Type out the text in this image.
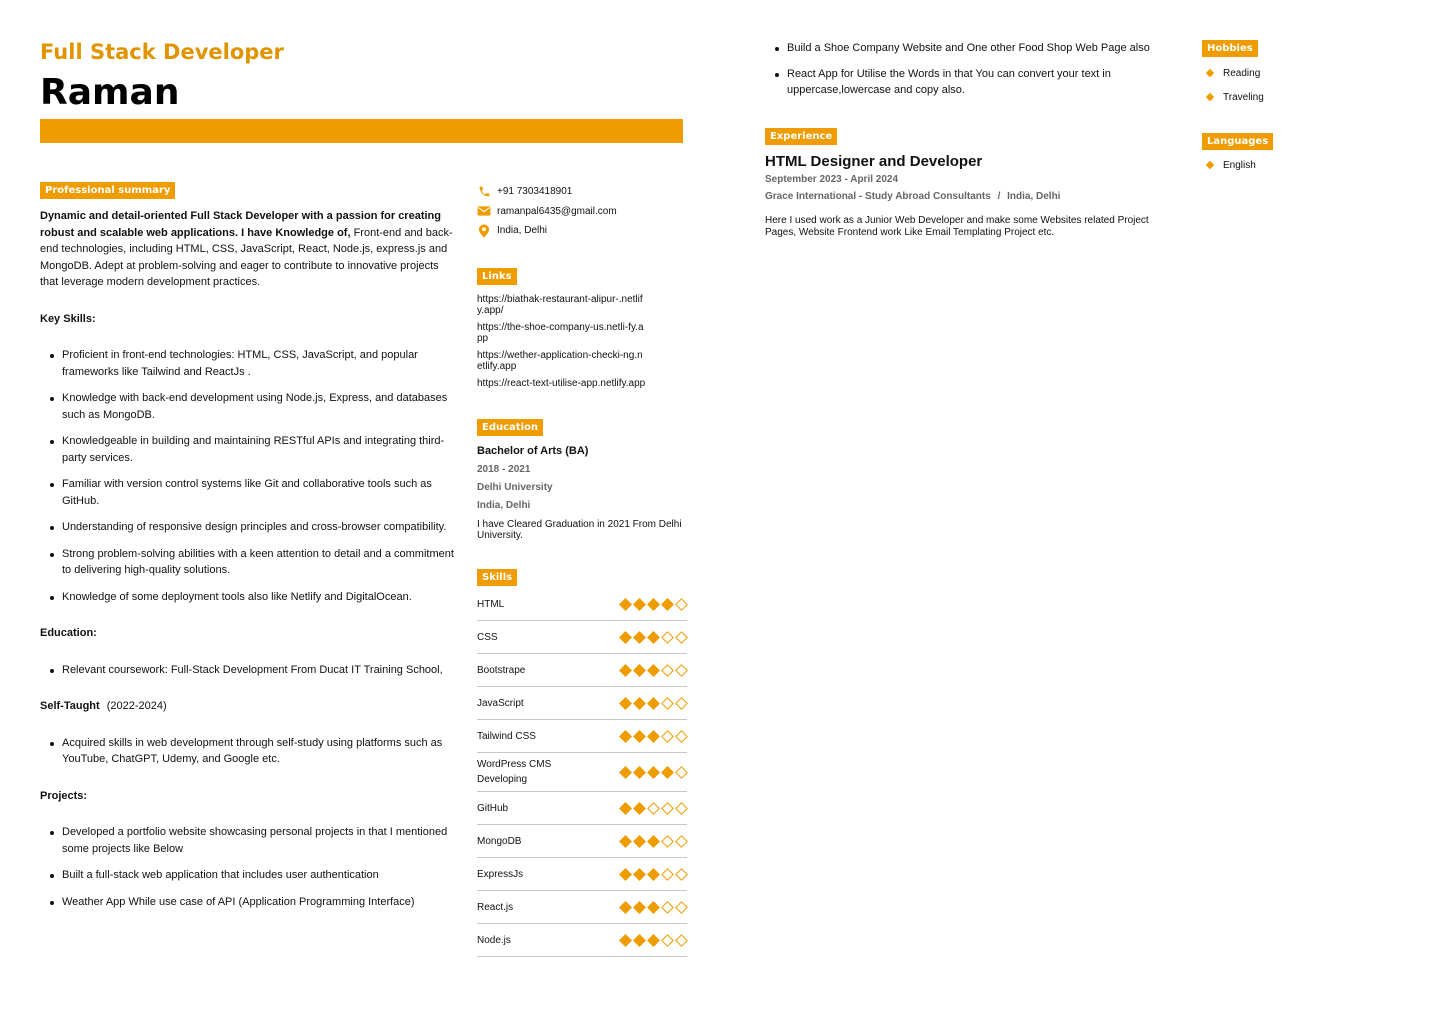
Full Stack Developer
Raman
Professional summary

Dynamic and detail-oriented Full Stack Developer with a passion for creating robust and scalable web applications. I have Knowledge of, Front-end and back-end technologies, including HTML, CSS, JavaScript, React, Node.js, express.js and MongoDB. Adept at problem-solving and eager to contribute to innovative projects that leverage modern development practices.

Key Skills:
Proficient in front-end technologies: HTML, CSS, JavaScript, and popular frameworks like Tailwind and ReactJs .
Knowledge with back-end development using Node.js, Express, and databases such as MongoDB.
Knowledgeable in building and maintaining RESTful APIs and integrating third-party services.
Familiar with version control systems like Git and collaborative tools such as GitHub.
Understanding of responsive design principles and cross-browser compatibility.
Strong problem-solving abilities with a keen attention to detail and a commitment to delivering high-quality solutions.
Knowledge of some deployment tools also like Netlify and DigitalOcean.
Education:
Relevant coursework: Full-Stack Development From Ducat IT Training School,
Self-Taught (2022-2024)
Acquired skills in web development through self-study using platforms such as YouTube, ChatGPT, Udemy, and Google etc.
Projects:
Developed a portfolio website showcasing personal projects in that I mentioned some projects like Below
Built a full-stack web application that includes user authentication
Weather App While use case of API (Application Programming Interface)
+91 7303418901
ramanpal6435@gmail.com
India, Delhi
Links
https://biathak-restaurant-alipur-.netlify.app/
https://the-shoe-company-us.netli-fy.app
https://wether-application-checki-ng.netlify.app
https://react-text-utilise-app.netlify.app
Education
Bachelor of Arts (BA)
2018 - 2021
Delhi University
India, Delhi
I have Cleared Graduation in 2021 From Delhi University.
Skills
HTML
CSS
Bootstrape
JavaScript
Tailwind CSS
WordPress CMS Developing
GitHub
MongoDB
ExpressJs
React.js
Node.js
Build a Shoe Company Website and One other Food Shop Web Page also
React App for Utilise the Words in that You can convert your text in uppercase,lowercase and copy also.
Experience
HTML Designer and Developer
September 2023 - April 2024
Grace International - Study Abroad Consultants / India, Delhi
Here I used work as a Junior Web Developer and make some Websites related Project Pages, Website Frontend work Like Email Templating Project etc.
Hobbies
Reading
Traveling
Languages
English
